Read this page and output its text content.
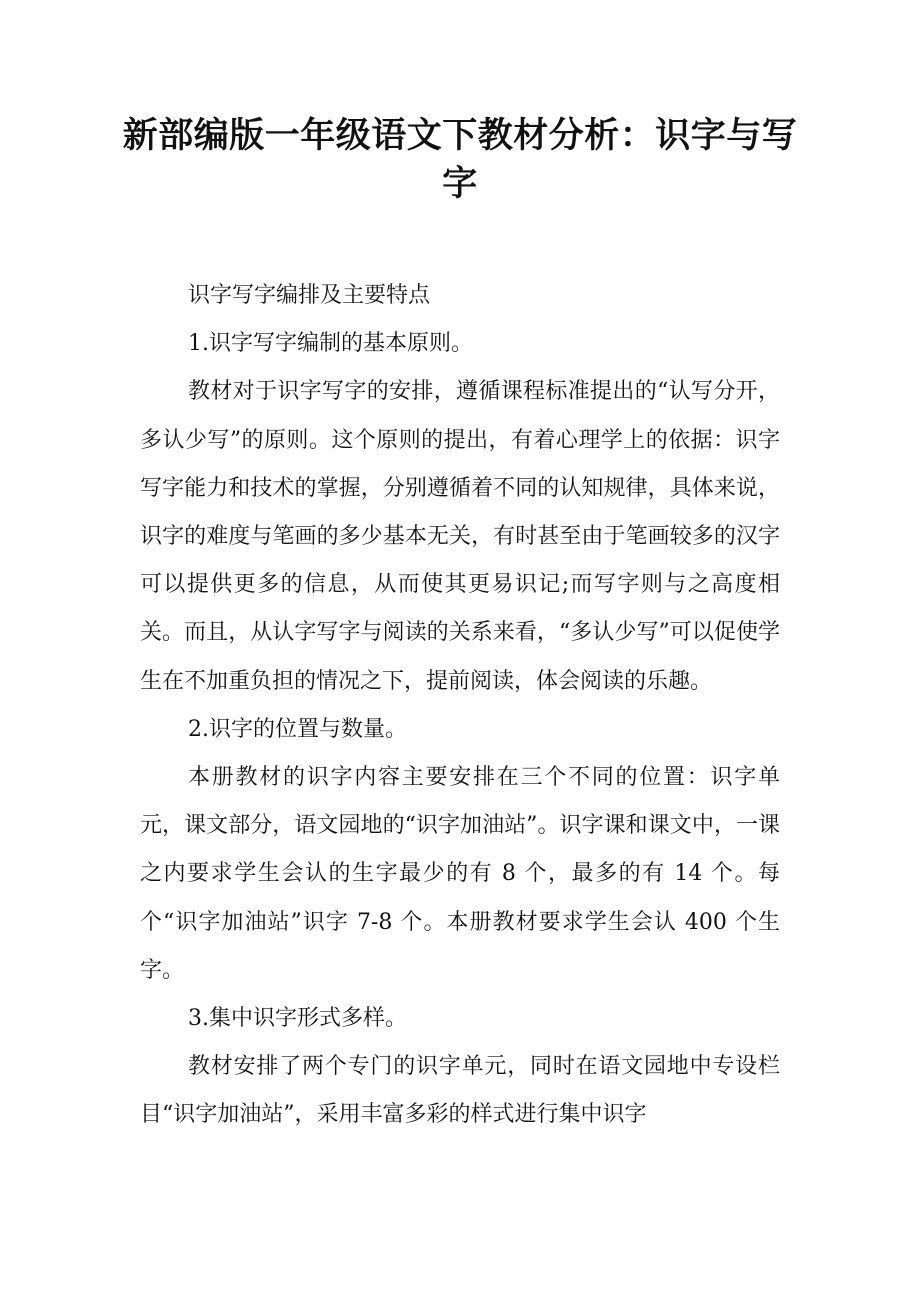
新部编版一年级语文下教材分析：识字与写字

识字写字编排及主要特点

1.识字写字编制的基本原则。

教材对于识字写字的安排，遵循课程标准提出的“认写分开，多认少写”的原则。这个原则的提出，有着心理学上的依据：识字写字能力和技术的掌握，分别遵循着不同的认知规律，具体来说，识字的难度与笔画的多少基本无关，有时甚至由于笔画较多的汉字可以提供更多的信息，从而使其更易识记;而写字则与之高度相关。而且，从认字写字与阅读的关系来看，“多认少写”可以促使学生在不加重负担的情况之下，提前阅读，体会阅读的乐趣。

2.识字的位置与数量。

本册教材的识字内容主要安排在三个不同的位置：识字单元，课文部分，语文园地的“识字加油站”。识字课和课文中，一课之内要求学生会认的生字最少的有 8 个，最多的有 14 个。每个“识字加油站”识字 7-8 个。本册教材要求学生会认 400 个生字。

3.集中识字形式多样。

教材安排了两个专门的识字单元，同时在语文园地中专设栏目“识字加油站”，采用丰富多彩的样式进行集中识字
